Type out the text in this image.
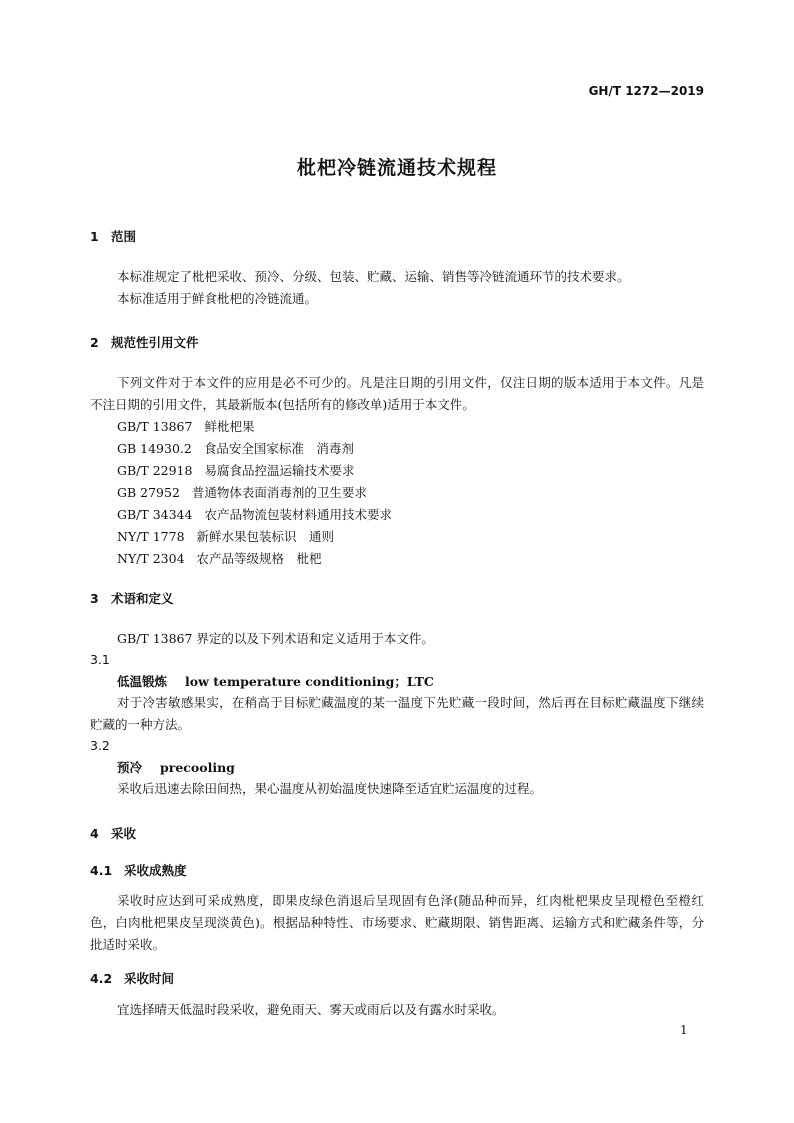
GH/T 1272—2019
枇杷冷链流通技术规程
1 范围
本标准规定了枇杷采收、预冷、分级、包装、贮藏、运输、销售等冷链流通环节的技术要求。
本标准适用于鲜食枇杷的冷链流通。
2 规范性引用文件
下列文件对于本文件的应用是必不可少的。凡是注日期的引用文件，仅注日期的版本适用于本文件。凡是不注日期的引用文件，其最新版本(包括所有的修改单)适用于本文件。
GB/T 13867 鲜枇杷果
GB 14930.2 食品安全国家标准　消毒剂
GB/T 22918 易腐食品控温运输技术要求
GB 27952 普通物体表面消毒剂的卫生要求
GB/T 34344 农产品物流包装材料通用技术要求
NY/T 1778 新鲜水果包装标识　通则
NY/T 2304 农产品等级规格　枇杷
3 术语和定义
GB/T 13867 界定的以及下列术语和定义适用于本文件。
3.1
低温锻炼 low temperature conditioning；LTC
对于冷害敏感果实，在稍高于目标贮藏温度的某一温度下先贮藏一段时间，然后再在目标贮藏温度下继续贮藏的一种方法。
3.2
预冷 precooling
采收后迅速去除田间热，果心温度从初始温度快速降至适宜贮运温度的过程。
4 采收
4.1 采收成熟度
采收时应达到可采成熟度，即果皮绿色消退后呈现固有色泽(随品种而异，红肉枇杷果皮呈现橙色至橙红色，白肉枇杷果皮呈现淡黄色)。根据品种特性、市场要求、贮藏期限、销售距离、运输方式和贮藏条件等，分批适时采收。
4.2 采收时间
宜选择晴天低温时段采收，避免雨天、雾天或雨后以及有露水时采收。
1
